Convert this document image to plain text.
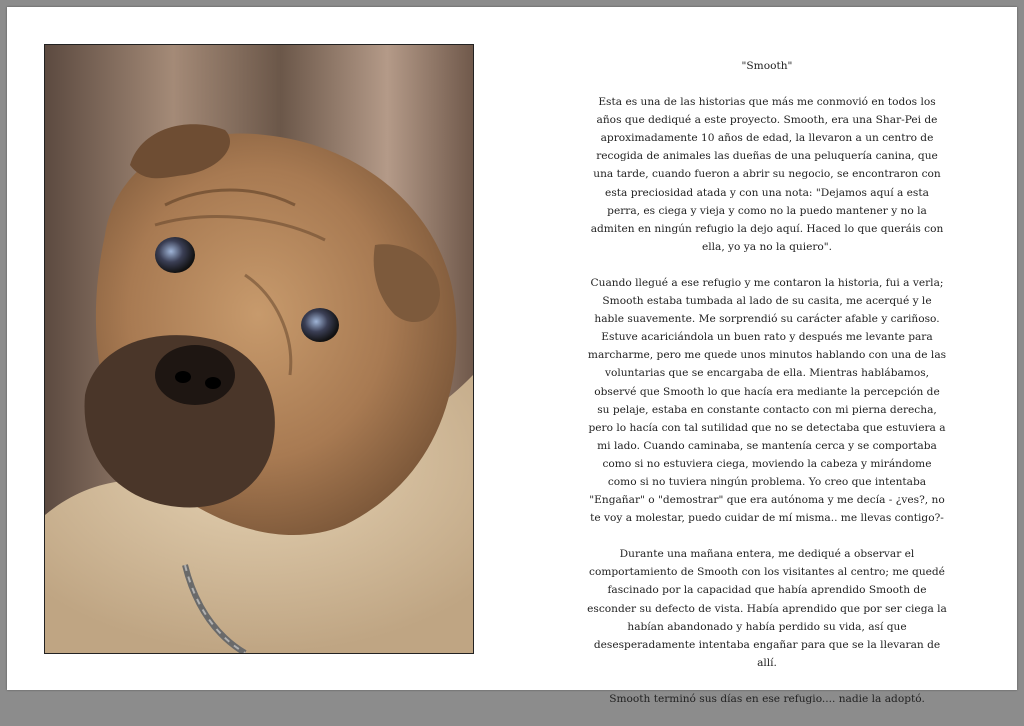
"Smooth"

Esta es una de las historias que más me conmovió en todos los años que dediqué a este proyecto. Smooth, era una Shar-Pei de aproximadamente 10 años de edad, la llevaron a un centro de recogida de animales las dueñas de una peluquería canina, que una tarde, cuando fueron a abrir su negocio, se encontraron con esta preciosidad atada y con una nota: "Dejamos aquí a esta perra, es ciega y vieja y como no la puedo mantener y no la admiten en ningún refugio la dejo aquí. Haced lo que queráis con ella, yo ya no la quiero".

Cuando llegué a ese refugio y me contaron la historia, fui a verla; Smooth estaba tumbada al lado de su casita, me acerqué y le hable suavemente. Me sorprendió su carácter afable y cariñoso. Estuve acariciándola un buen rato y después me levante para marcharme, pero me quede unos minutos hablando con una de las voluntarias que se encargaba de ella. Mientras hablábamos, observé que Smooth lo que hacía era mediante la percepción de su pelaje, estaba en constante contacto con mi pierna derecha, pero lo hacía con tal sutilidad que no se detectaba que estuviera a mi lado. Cuando caminaba, se mantenía cerca y se comportaba como si no estuviera ciega, moviendo la cabeza y mirándome como si no tuviera ningún problema. Yo creo que intentaba "Engañar" o "demostrar" que era autónoma y me decía - ¿ves?, no te voy a molestar, puedo cuidar de mí misma.. me llevas contigo?-

Durante una mañana entera, me dediqué a observar el comportamiento de Smooth con los visitantes al centro; me quedé fascinado por la capacidad que había aprendido Smooth de esconder su defecto de vista. Había aprendido que por ser ciega la habían abandonado y había perdido su vida, así que desesperadamente intentaba engañar para que se la llevaran de allí.

Smooth terminó sus días en ese refugio.... nadie la adoptó.
